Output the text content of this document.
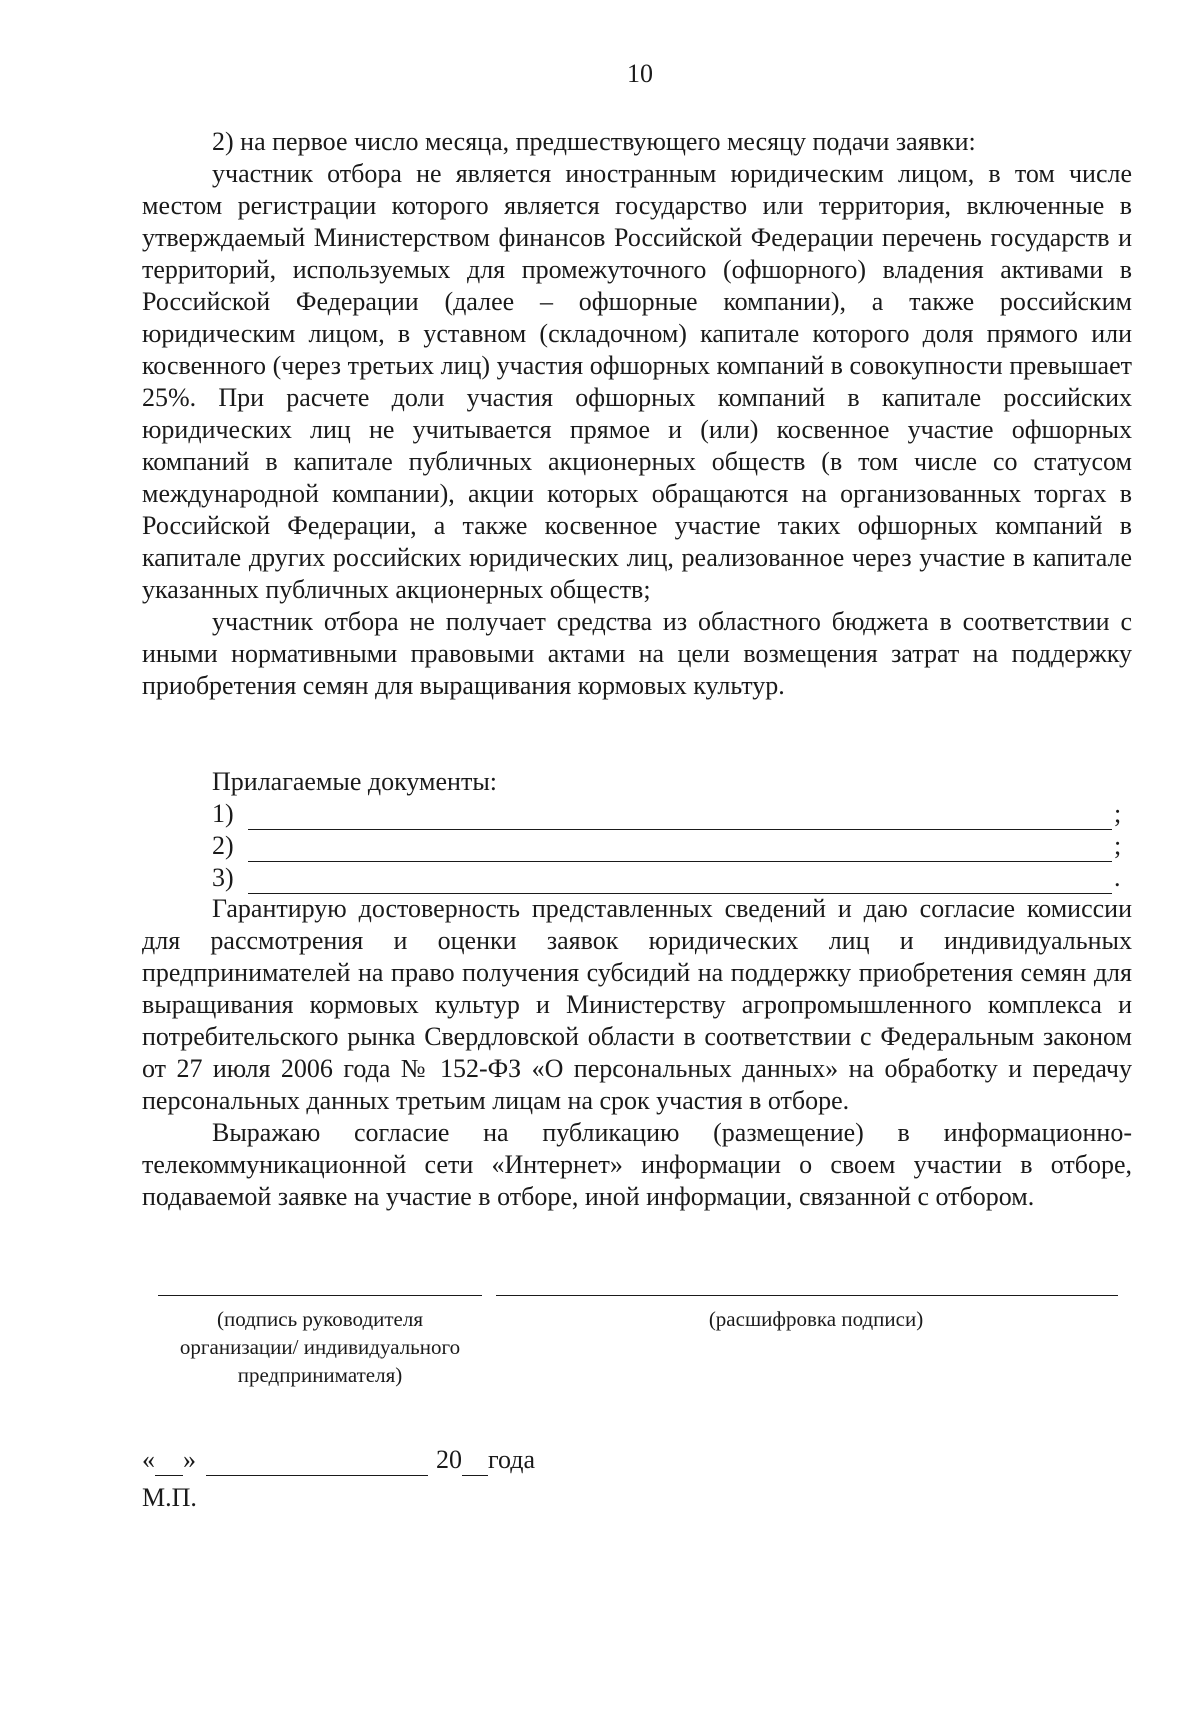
10

2) на первое число месяца, предшествующего месяцу подачи заявки:

участник отбора не является иностранным юридическим лицом, в том числе местом регистрации которого является государство или территория, включенные в утверждаемый Министерством финансов Российской Федерации перечень государств и территорий, используемых для промежуточного (офшорного) владения активами в Российской Федерации (далее – офшорные компании), а также российским юридическим лицом, в уставном (складочном) капитале которого доля прямого или косвенного (через третьих лиц) участия офшорных компаний в совокупности превышает 25%. При расчете доли участия офшорных компаний в капитале российских юридических лиц не учитывается прямое и (или) косвенное участие офшорных компаний в капитале публичных акционерных обществ (в том числе со статусом международной компании), акции которых обращаются на организованных торгах в Российской Федерации, а также косвенное участие таких офшорных компаний в капитале других российских юридических лиц, реализованное через участие в капитале указанных публичных акционерных обществ;

участник отбора не получает средства из областного бюджета в соответствии с иными нормативными правовыми актами на цели возмещения затрат на поддержку приобретения семян для выращивания кормовых культур.

Прилагаемые документы:
1)	;
2)	;
3)	.

Гарантирую достоверность представленных сведений и даю согласие комиссии для рассмотрения и оценки заявок юридических лиц и индивидуальных предпринимателей на право получения субсидий на поддержку приобретения семян для выращивания кормовых культур и Министерству агропромышленного комплекса и потребительского рынка Свердловской области в соответствии с Федеральным законом от 27 июля 2006 года № 152-ФЗ «О персональных данных» на обработку и передачу персональных данных третьим лицам на срок участия в отборе.

Выражаю согласие на публикацию (размещение) в информационно-телекоммуникационной сети «Интернет» информации о своем участии в отборе, подаваемой заявке на участие в отборе, иной информации, связанной с отбором.

(подпись руководителя
организации/ индивидуального
предпринимателя)
(расшифровка подписи)
« »	20 года
М.П.
